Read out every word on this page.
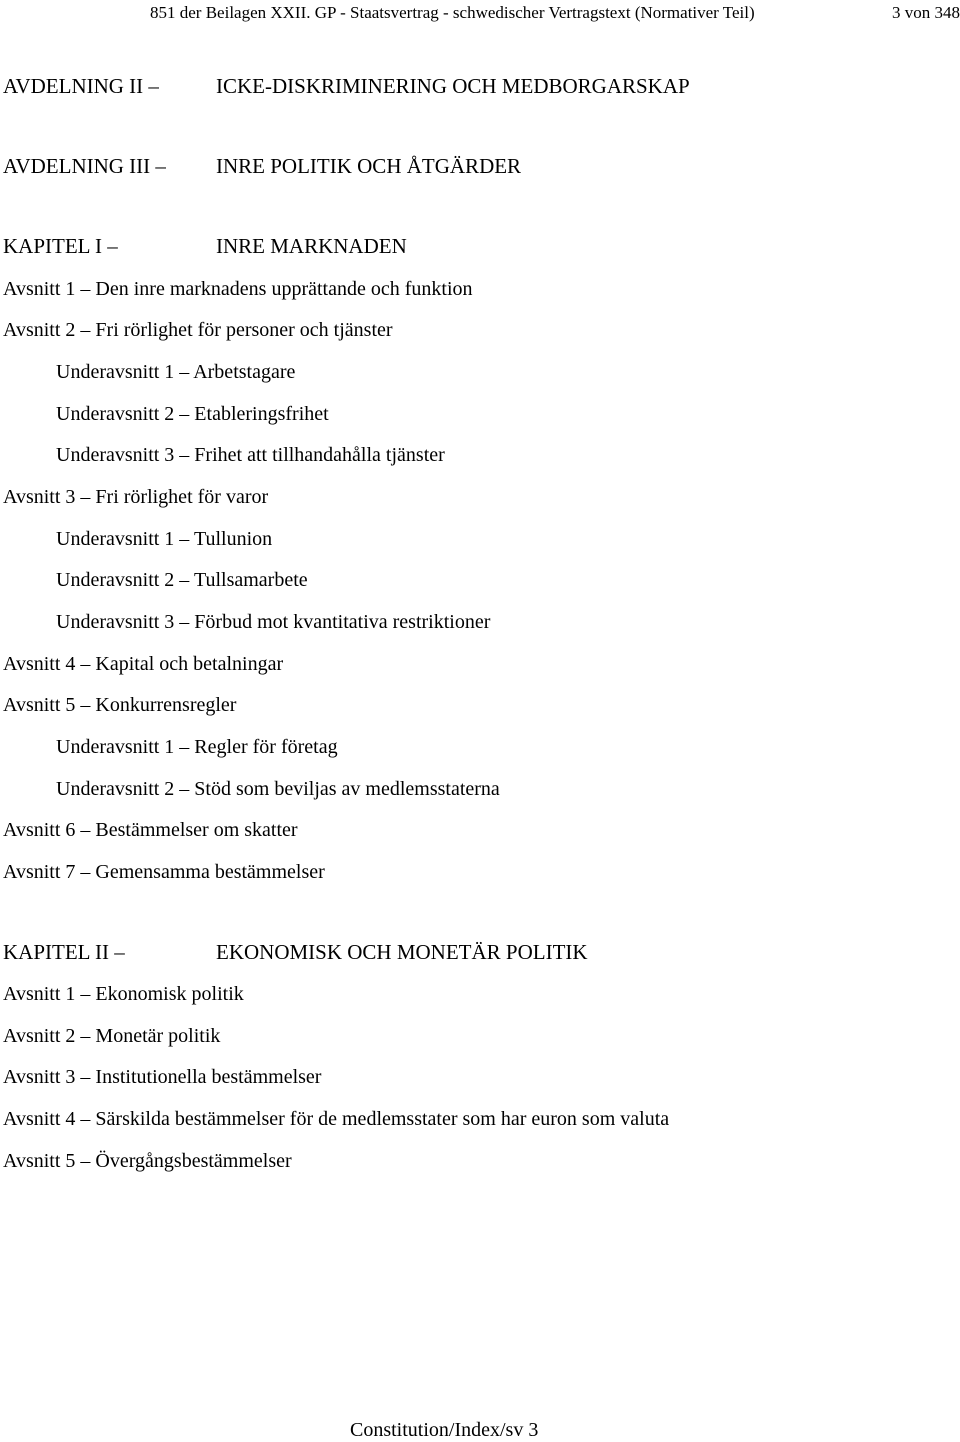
851 der Beilagen XXII. GP - Staatsvertrag - schwedischer Vertragstext (Normativer Teil)	3 von 348
AVDELNING II –	ICKE-DISKRIMINERING OCH MEDBORGARSKAP
AVDELNING III – INRE POLITIK OCH ÅTGÄRDER
KAPITEL I –	INRE MARKNADEN
Avsnitt 1 – Den inre marknadens upprättande och funktion
Avsnitt 2 – Fri rörlighet för personer och tjänster
Underavsnitt 1 – Arbetstagare
Underavsnitt 2 – Etableringsfrihet
Underavsnitt 3 – Frihet att tillhandahålla tjänster
Avsnitt 3 – Fri rörlighet för varor
Underavsnitt 1 – Tullunion
Underavsnitt 2 – Tullsamarbete
Underavsnitt 3 – Förbud mot kvantitativa restriktioner
Avsnitt 4 – Kapital och betalningar
Avsnitt 5 – Konkurrensregler
Underavsnitt 1 – Regler för företag
Underavsnitt 2 – Stöd som beviljas av medlemsstaterna
Avsnitt 6 – Bestämmelser om skatter
Avsnitt 7 – Gemensamma bestämmelser
KAPITEL II –	EKONOMISK OCH MONETÄR POLITIK
Avsnitt 1 – Ekonomisk politik
Avsnitt 2 – Monetär politik
Avsnitt 3 – Institutionella bestämmelser
Avsnitt 4 – Särskilda bestämmelser för de medlemsstater som har euron som valuta
Avsnitt 5 – Övergångsbestämmelser
Constitution/Index/sv 3
